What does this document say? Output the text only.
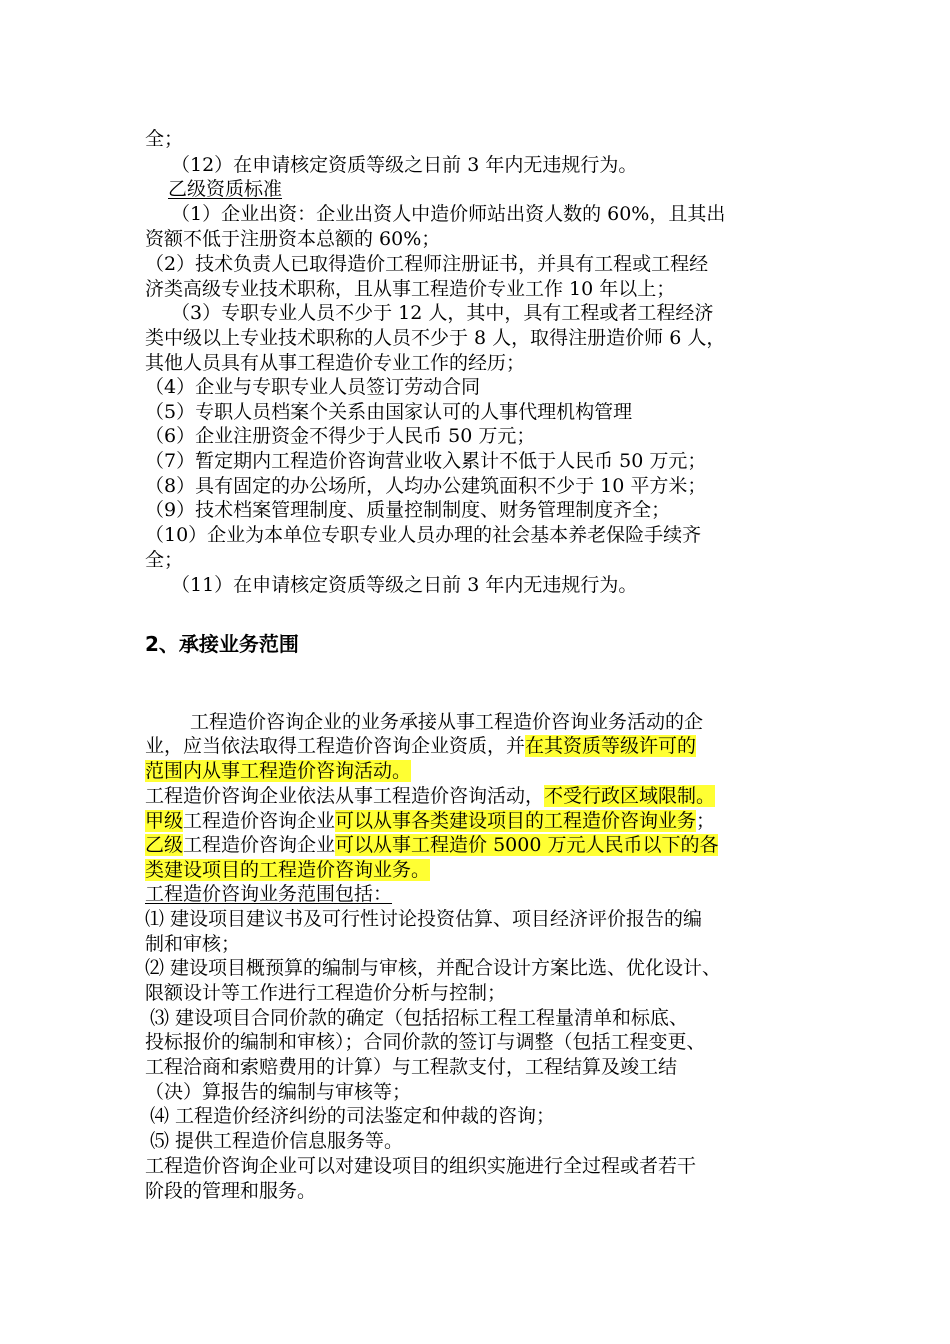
全；
（12）在申请核定资质等级之日前 3 年内无违规行为。
乙级资质标准
（1）企业出资：企业出资人中造价师站出资人数的 60%，且其出
资额不低于注册资本总额的 60%；
（2）技术负责人已取得造价工程师注册证书，并具有工程或工程经
济类高级专业技术职称，且从事工程造价专业工作 10 年以上；
（3）专职专业人员不少于 12 人，其中，具有工程或者工程经济
类中级以上专业技术职称的人员不少于 8 人，取得注册造价师 6 人，
其他人员具有从事工程造价专业工作的经历；
（4）企业与专职专业人员签订劳动合同
（5）专职人员档案个关系由国家认可的人事代理机构管理
（6）企业注册资金不得少于人民币 50 万元；
（7）暂定期内工程造价咨询营业收入累计不低于人民币 50 万元；
（8）具有固定的办公场所，人均办公建筑面积不少于 10 平方米；
（9）技术档案管理制度、质量控制制度、财务管理制度齐全；
（10）企业为本单位专职专业人员办理的社会基本养老保险手续齐
全；
（11）在申请核定资质等级之日前 3 年内无违规行为。
2、承接业务范围
工程造价咨询企业的业务承接从事工程造价咨询业务活动的企
业，应当依法取得工程造价咨询企业资质，并在其资质等级许可的
范围内从事工程造价咨询活动。
工程造价咨询企业依法从事工程造价咨询活动，不受行政区域限制。
甲级工程造价咨询企业可以从事各类建设项目的工程造价咨询业务；
乙级工程造价咨询企业可以从事工程造价 5000 万元人民币以下的各
类建设项目的工程造价咨询业务。
工程造价咨询业务范围包括：
⑴ 建设项目建议书及可行性讨论投资估算、项目经济评价报告的编
制和审核；
⑵ 建设项目概预算的编制与审核，并配合设计方案比选、优化设计、
限额设计等工作进行工程造价分析与控制；
⑶ 建设项目合同价款的确定（包括招标工程工程量清单和标底、
投标报价的编制和审核）；合同价款的签订与调整（包括工程变更、
工程洽商和索赔费用的计算）与工程款支付，工程结算及竣工结
（决）算报告的编制与审核等；
⑷ 工程造价经济纠纷的司法鉴定和仲裁的咨询；
⑸ 提供工程造价信息服务等。
工程造价咨询企业可以对建设项目的组织实施进行全过程或者若干
阶段的管理和服务。
